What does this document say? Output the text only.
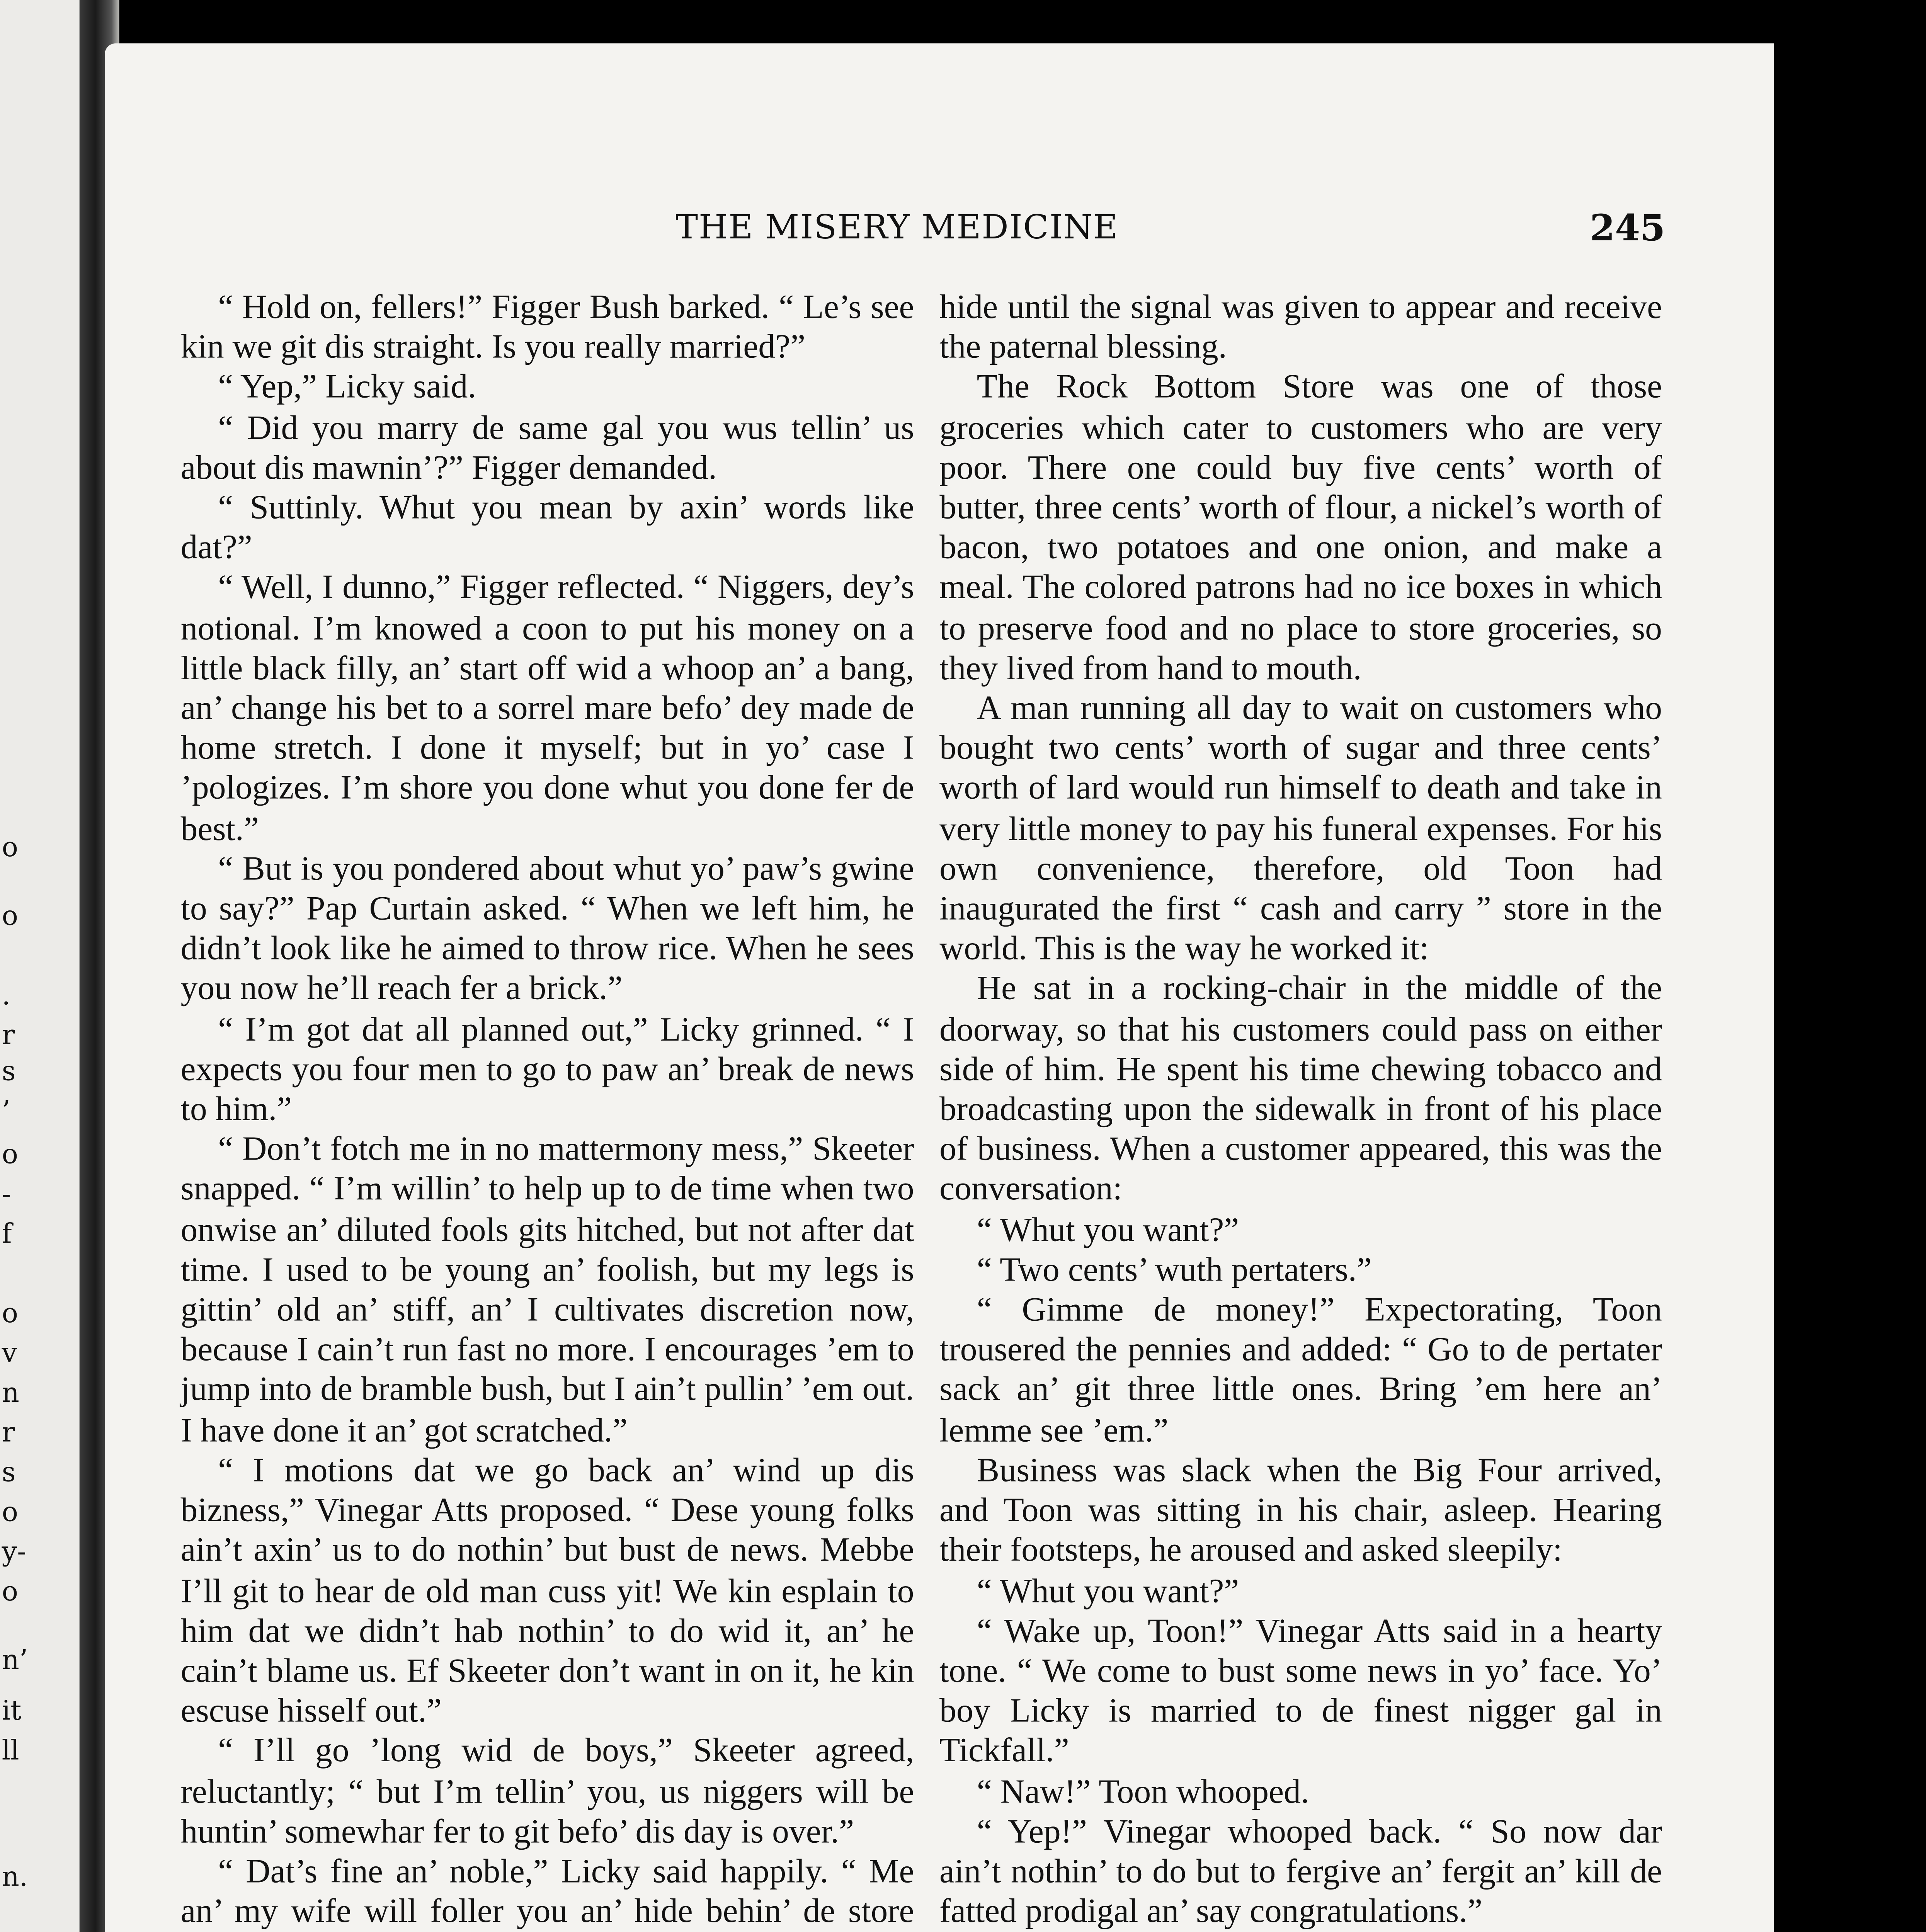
o
o
.
r
s
’
o
-
f
o
v
n
r
s
o
y-
o
n’
it
ll
n.
THE MISERY MEDICINE	245

“ Hold on, fellers!” Figger Bush barked. “ Le’s see kin we git dis straight. Is you really married?”

“ Yep,” Licky said.

“ Did you marry de same gal you wus tellin’ us about dis mawnin’?” Figger demanded.

“ Suttinly. Whut you mean by axin’ words like dat?”

“ Well, I dunno,” Figger reflected. “ Niggers, dey’s notional. I’m knowed a coon to put his money on a little black filly, an’ start off wid a whoop an’ a bang, an’ change his bet to a sorrel mare befo’ dey made de home stretch. I done it myself; but in yo’ case I ’pologizes. I’m shore you done whut you done fer de best.”

“ But is you pondered about whut yo’ paw’s gwine to say?” Pap Curtain asked. “ When we left him, he didn’t look like he aimed to throw rice. When he sees you now he’ll reach fer a brick.”

“ I’m got dat all planned out,” Licky grinned. “ I expects you four men to go to paw an’ break de news to him.”

“ Don’t fotch me in no mattermony mess,” Skeeter snapped. “ I’m willin’ to help up to de time when two onwise an’ diluted fools gits hitched, but not after dat time. I used to be young an’ foolish, but my legs is gittin’ old an’ stiff, an’ I cultivates discretion now, because I cain’t run fast no more. I encourages ’em to jump into de bramble bush, but I ain’t pullin’ ’em out. I have done it an’ got scratched.”

“ I motions dat we go back an’ wind up dis bizness,” Vinegar Atts proposed. “ Dese young folks ain’t axin’ us to do nothin’ but bust de news. Mebbe I’ll git to hear de old man cuss yit! We kin esplain to him dat we didn’t hab nothin’ to do wid it, an’ he cain’t blame us. Ef Skeeter don’t want in on it, he kin escuse hisself out.”

“ I’ll go ’long wid de boys,” Skeeter agreed, reluctantly; “ but I’m tellin’ you, us niggers will be huntin’ somewhar fer to git befo’ dis day is over.”

“ Dat’s fine an’ noble,” Licky said happily. “ Me an’ my wife will foller you an’ hide behin’ de store

hide until the signal was given to appear and receive the paternal blessing.

The Rock Bottom Store was one of those groceries which cater to customers who are very poor. There one could buy five cents’ worth of butter, three cents’ worth of flour, a nickel’s worth of bacon, two potatoes and one onion, and make a meal. The colored patrons had no ice boxes in which to preserve food and no place to store groceries, so they lived from hand to mouth.

A man running all day to wait on customers who bought two cents’ worth of sugar and three cents’ worth of lard would run himself to death and take in very little money to pay his funeral expenses. For his own convenience, therefore, old Toon had inaugurated the first “ cash and carry ” store in the world. This is the way he worked it:

He sat in a rocking-chair in the middle of the doorway, so that his customers could pass on either side of him. He spent his time chewing tobacco and broadcasting upon the sidewalk in front of his place of business. When a customer appeared, this was the conversation:

“ Whut you want?”

“ Two cents’ wuth pertaters.”

“ Gimme de money!” Expectorating, Toon trousered the pennies and added: “ Go to de pertater sack an’ git three little ones. Bring ’em here an’ lemme see ’em.”

Business was slack when the Big Four arrived, and Toon was sitting in his chair, asleep. Hearing their footsteps, he aroused and asked sleepily:

“ Whut you want?”

“ Wake up, Toon!” Vinegar Atts said in a hearty tone. “ We come to bust some news in yo’ face. Yo’ boy Licky is married to de finest nigger gal in Tickfall.”

“ Naw!” Toon whooped.

“ Yep!” Vinegar whooped back. “ So now dar ain’t nothin’ to do but to fergive an’ fergit an’ kill de fatted prodigal an’ say congratulations.”
